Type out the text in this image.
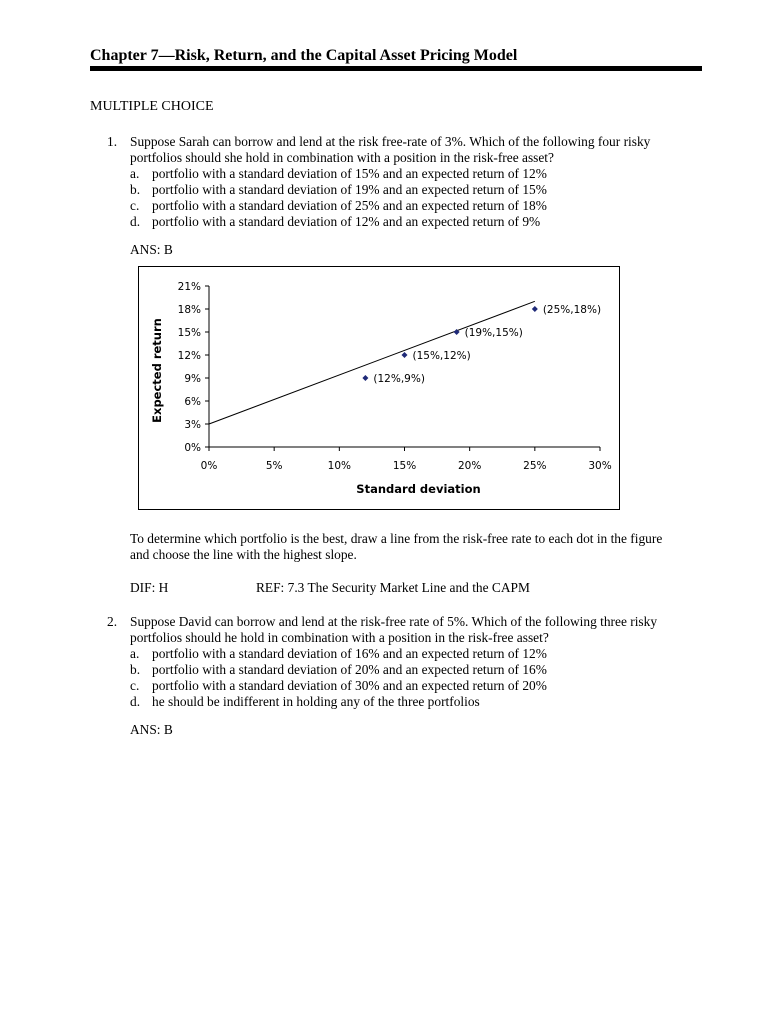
Chapter 7—Risk, Return, and the Capital Asset Pricing Model
MULTIPLE CHOICE
1. Suppose Sarah can borrow and lend at the risk free-rate of 3%. Which of the following four risky
portfolios should she hold in combination with a position in the risk-free asset?
a. portfolio with a standard deviation of 15% and an expected return of 12%
b. portfolio with a standard deviation of 19% and an expected return of 15%
c. portfolio with a standard deviation of 25% and an expected return of 18%
d. portfolio with a standard deviation of 12% and an expected return of 9%
ANS: B
0%	5%	10%	15%	20%	25%	30%
0%
3%
6%
9%
12%
15%
18%
21%
Standard deviation
Expected return	(12%,9%)
(15%,12%)
(19%,15%)
(25%,18%)
To determine which portfolio is the best, draw a line from the risk-free rate to each dot in the figure
and choose the line with the highest slope.
DIF: H	REF: 7.3 The Security Market Line and the CAPM
2. Suppose David can borrow and lend at the risk-free rate of 5%. Which of the following three risky
portfolios should he hold in combination with a position in the risk-free asset?
a. portfolio with a standard deviation of 16% and an expected return of 12%
b. portfolio with a standard deviation of 20% and an expected return of 16%
c. portfolio with a standard deviation of 30% and an expected return of 20%
d. he should be indifferent in holding any of the three portfolios
ANS: B
